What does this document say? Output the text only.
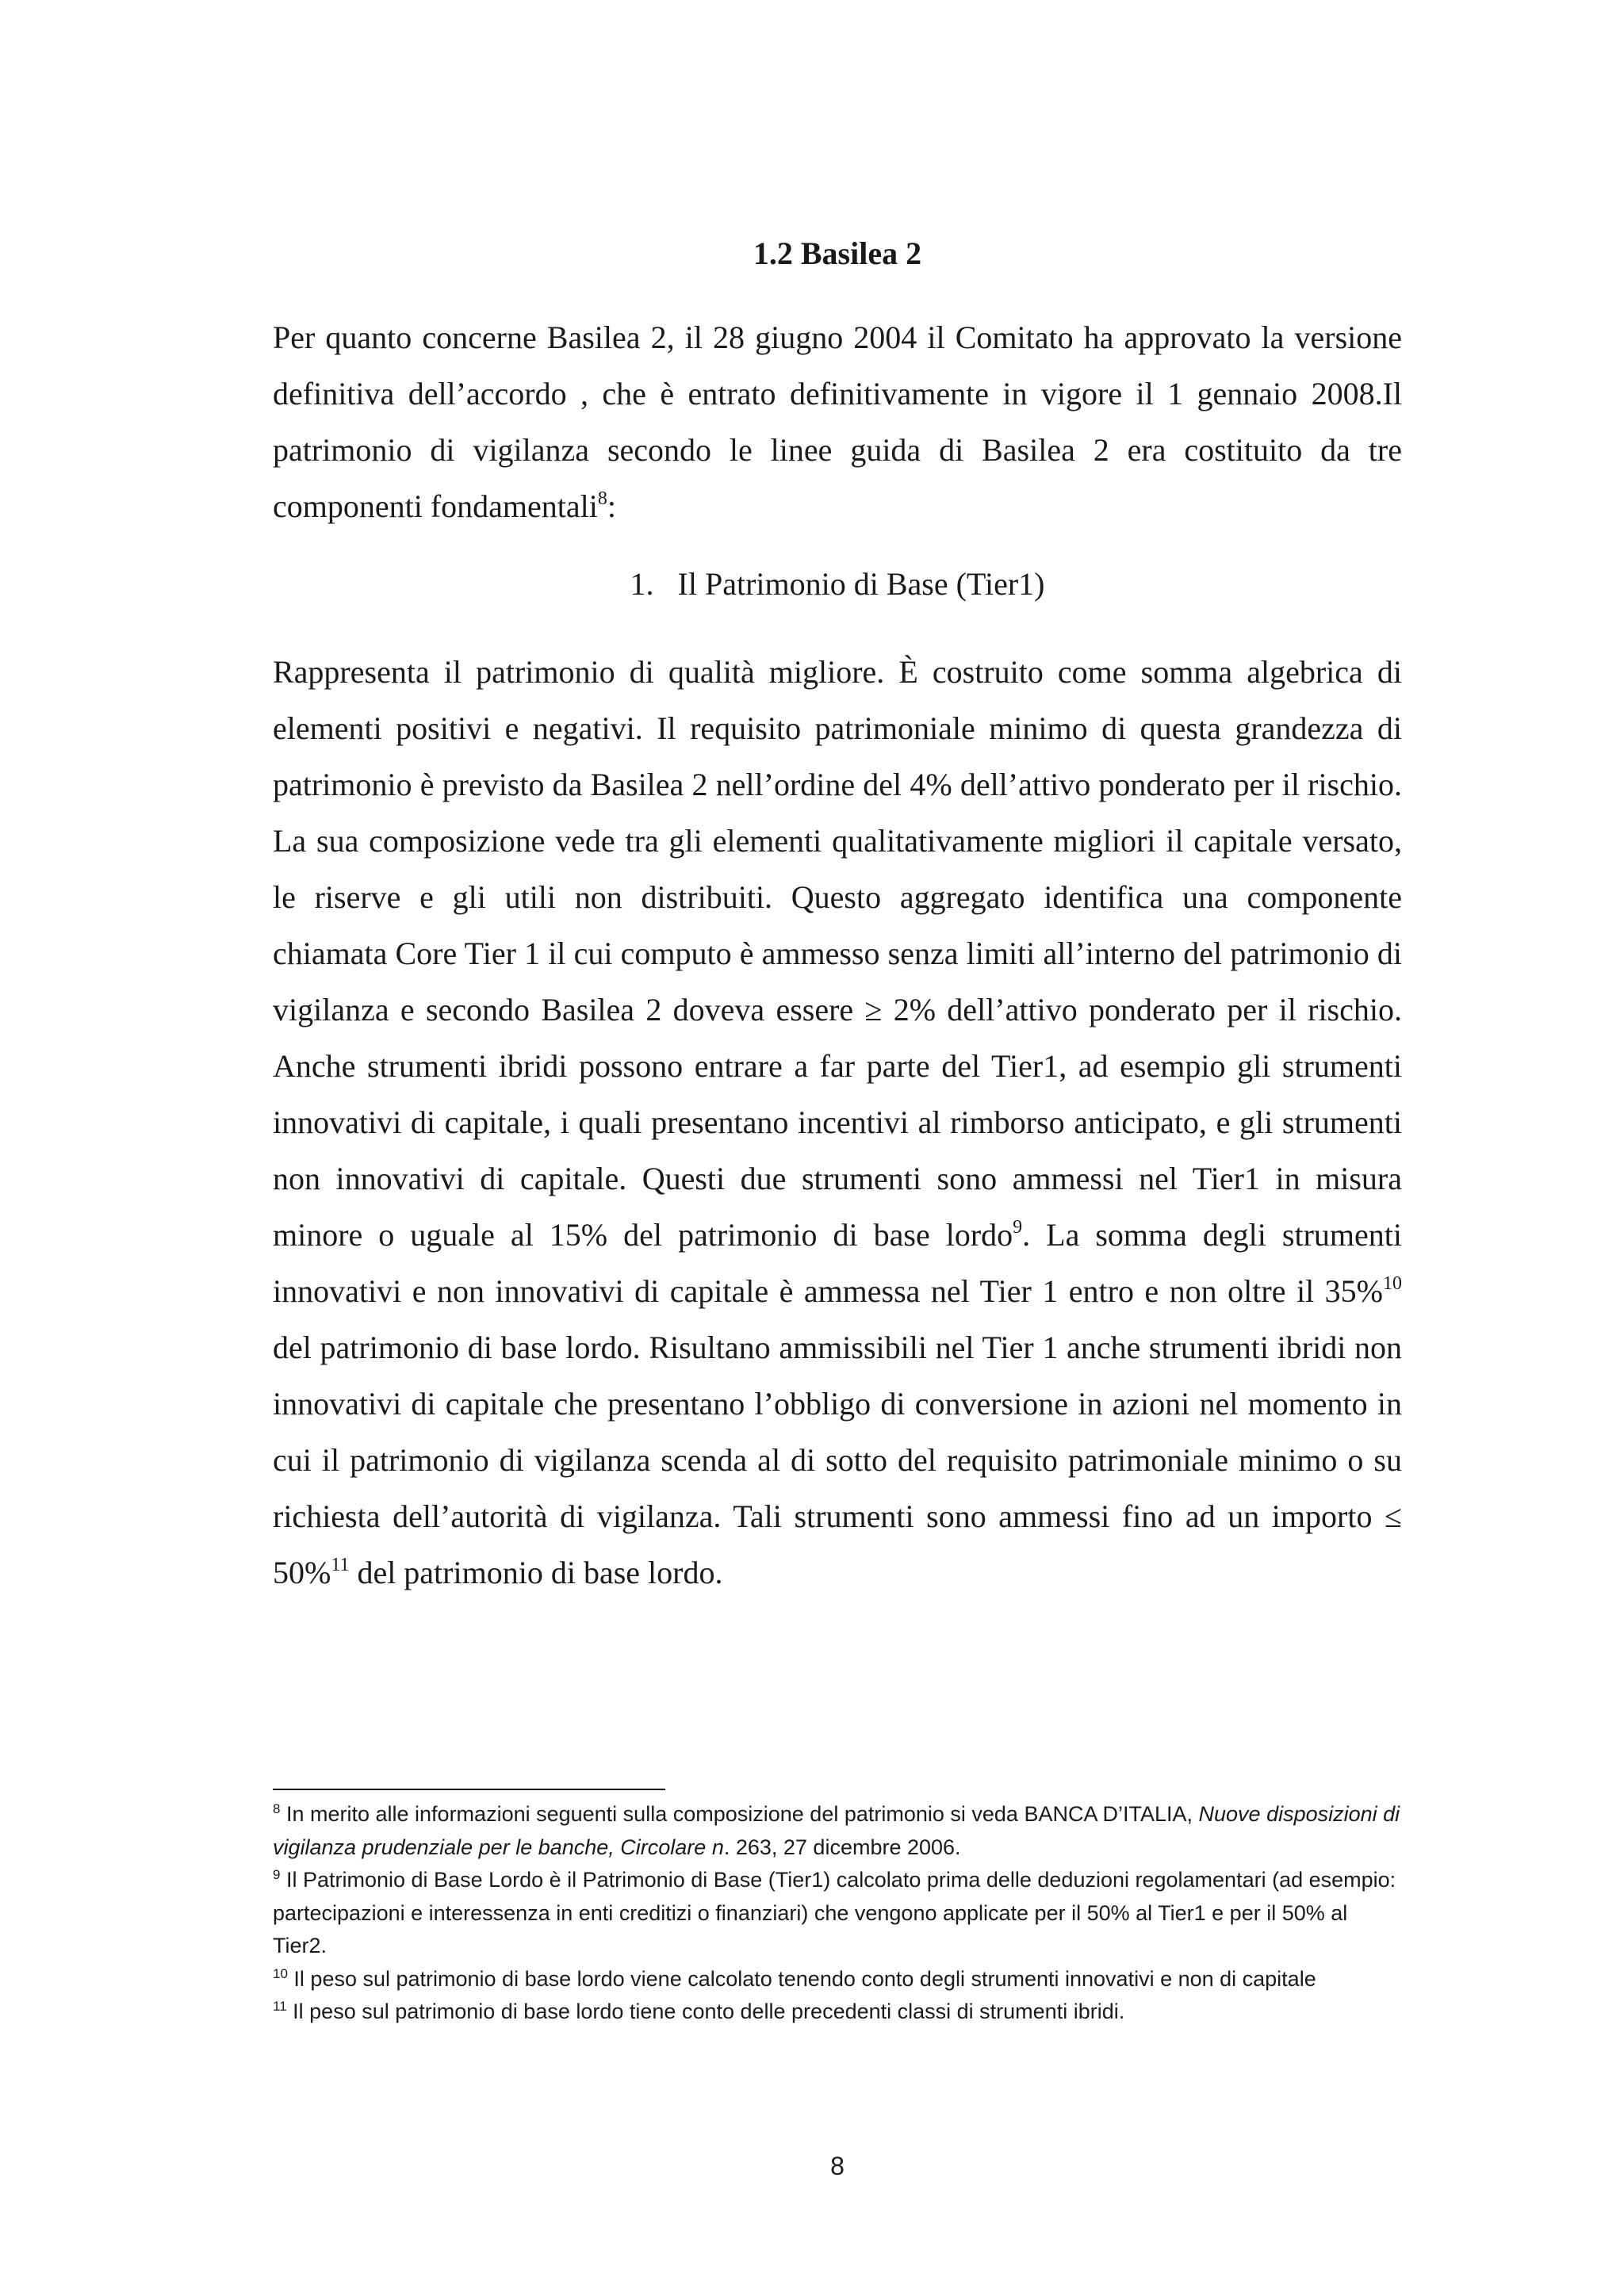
1.2 Basilea 2

Per quanto concerne Basilea 2, il 28 giugno 2004 il Comitato ha approvato la versione definitiva dell’accordo , che è entrato definitivamente in vigore il 1 gennaio 2008.Il patrimonio di vigilanza secondo le linee guida di Basilea 2 era costituito da tre componenti fondamentali$^8$:

1. Il Patrimonio di Base (Tier1)

Rappresenta il patrimonio di qualità migliore. È costruito come somma algebrica di elementi positivi e negativi. Il requisito patrimoniale minimo di questa grandezza di patrimonio è previsto da Basilea 2 nell’ordine del 4% dell’attivo ponderato per il rischio. La sua composizione vede tra gli elementi qualitativamente migliori il capitale versato, le riserve e gli utili non distribuiti. Questo aggregato identifica una componente chiamata Core Tier 1 il cui computo è ammesso senza limiti all’interno del patrimonio di vigilanza e secondo Basilea 2 doveva essere ≥ 2% dell’attivo ponderato per il rischio. Anche strumenti ibridi possono entrare a far parte del Tier1, ad esempio gli strumenti innovativi di capitale, i quali presentano incentivi al rimborso anticipato, e gli strumenti non innovativi di capitale. Questi due strumenti sono ammessi nel Tier1 in misura minore o uguale al 15% del patrimonio di base lordo$^9$. La somma degli strumenti innovativi e non innovativi di capitale è ammessa nel Tier 1 entro e non oltre il 35%$^{10}$ del patrimonio di base lordo. Risultano ammissibili nel Tier 1 anche strumenti ibridi non innovativi di capitale che presentano l’obbligo di conversione in azioni nel momento in cui il patrimonio di vigilanza scenda al di sotto del requisito patrimoniale minimo o su richiesta dell’autorità di vigilanza. Tali strumenti sono ammessi fino ad un importo ≤ 50%$^{11}$ del patrimonio di base lordo.

$^8$ In merito alle informazioni seguenti sulla composizione del patrimonio si veda BANCA D’ITALIA, Nuove disposizioni di vigilanza prudenziale per le banche, Circolare n. 263, 27 dicembre 2006.

$^9$ Il Patrimonio di Base Lordo è il Patrimonio di Base (Tier1) calcolato prima delle deduzioni regolamentari (ad esempio: partecipazioni e interessenza in enti creditizi o finanziari) che vengono applicate per il 50% al Tier1 e per il 50% al Tier2.

$^{10}$ Il peso sul patrimonio di base lordo viene calcolato tenendo conto degli strumenti innovativi e non di capitale

$^{11}$ Il peso sul patrimonio di base lordo tiene conto delle precedenti classi di strumenti ibridi.

8
